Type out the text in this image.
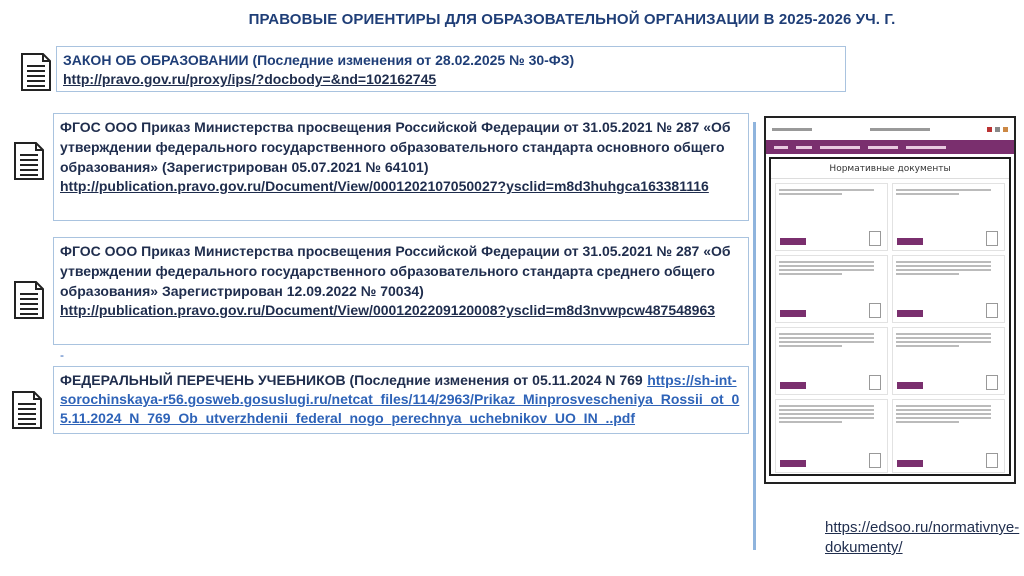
ПРАВОВЫЕ ОРИЕНТИРЫ ДЛЯ ОБРАЗОВАТЕЛЬНОЙ ОРГАНИЗАЦИИ В 2025-2026 УЧ. Г.
ЗАКОН ОБ ОБРАЗОВАНИИ (Последние изменения от 28.02.2025 № 30-ФЗ)
http://pravo.gov.ru/proxy/ips/?docbody=&nd=102162745
ФГОС ООО Приказ Министерства просвещения Российской Федерации от 31.05.2021 № 287 «Об утверждении федерального государственного образовательного стандарта основного общего образования» (Зарегистрирован 05.07.2021 № 64101)
http://publication.pravo.gov.ru/Document/View/0001202107050027?ysclid=m8d3huhgca163381116
ФГОС ООО Приказ Министерства просвещения Российской Федерации от 31.05.2021 № 287 «Об утверждении федерального государственного образовательного стандарта среднего общего образования» Зарегистрирован 12.09.2022 № 70034)
http://publication.pravo.gov.ru/Document/View/0001202209120008?ysclid=m8d3nvwpcw487548963
-
ФЕДЕРАЛЬНЫЙ ПЕРЕЧЕНЬ УЧЕБНИКОВ (Последние изменения от 05.11.2024 N 769 https://sh-int-sorochinskaya-r56.gosweb.gosuslugi.ru/netcat_files/114/2963/Prikaz_Minprosvescheniya_Rossii_ot_05.11.2024_N_769_Ob_utverzhdenii_federal_nogo_perechnya_uchebnikov_UO_IN_..pdf
Нормативные документы
https://edsoo.ru/normativnye-dokumenty/
